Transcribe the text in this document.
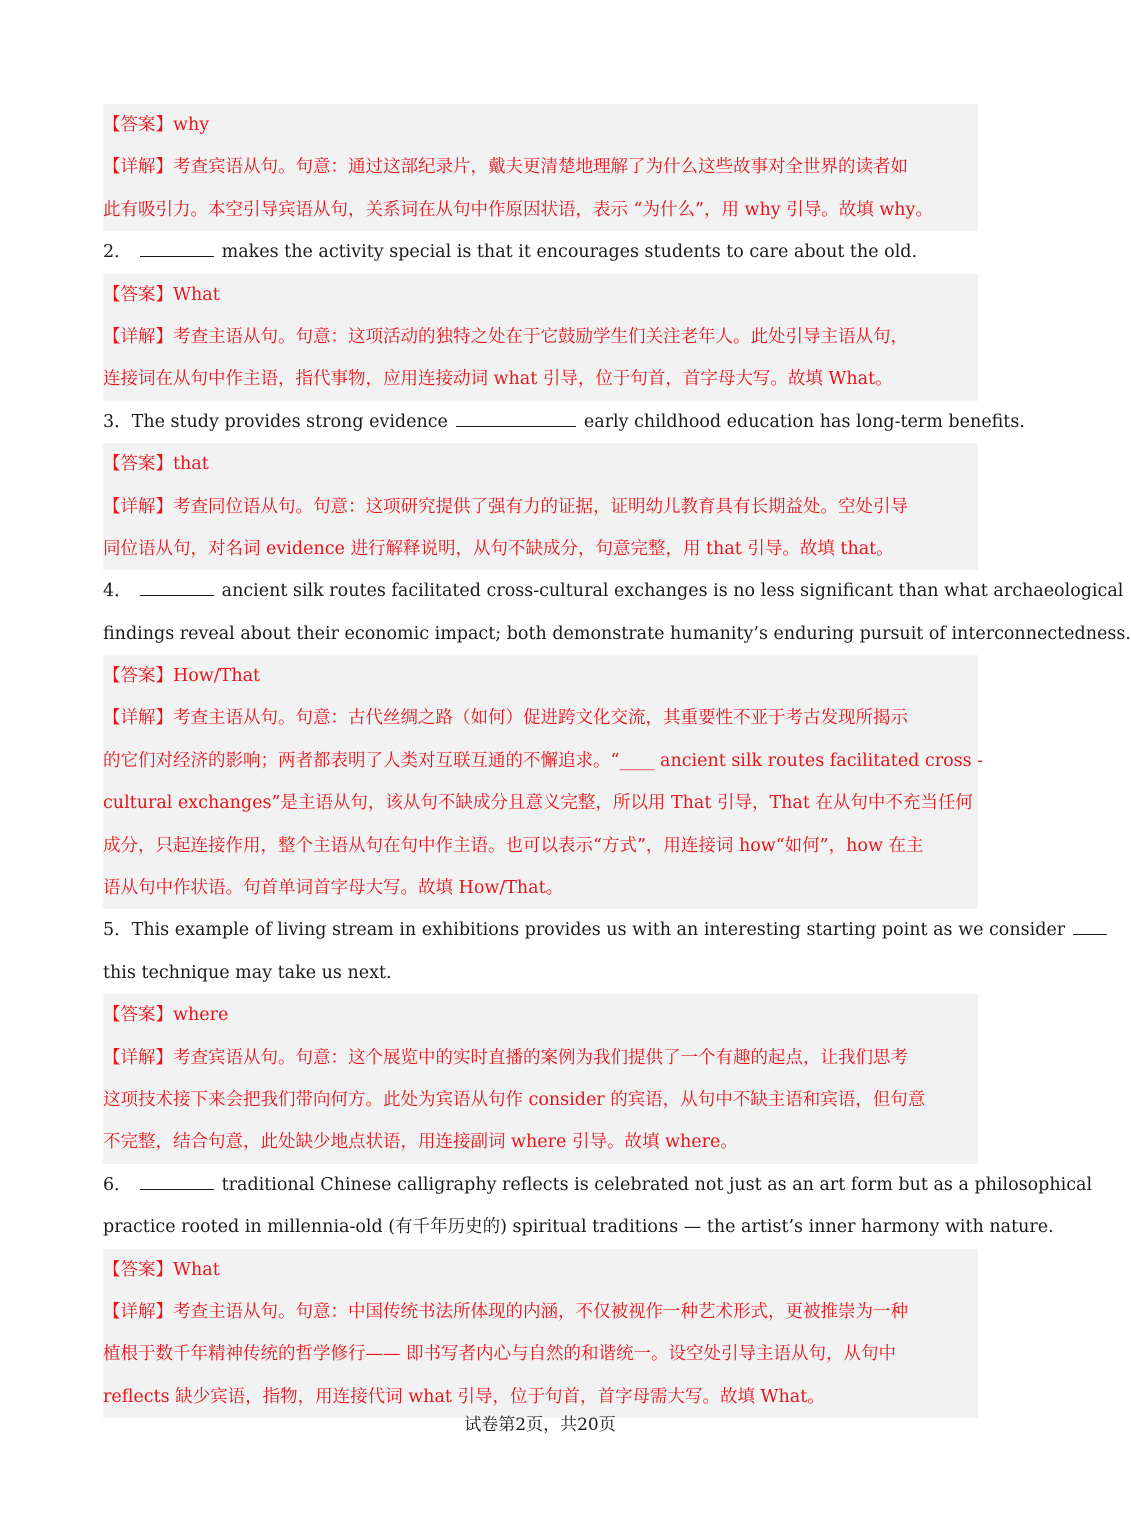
【答案】why
【详解】考查宾语从句。句意：通过这部纪录片，戴夫更清楚地理解了为什么这些故事对全世界的读者如
此有吸引力。本空引导宾语从句，关系词在从句中作原因状语，表示 “为什么”，用 why 引导。故填 why。
2．	makes the activity special is that it encourages students to care about the old.
【答案】What
【详解】考查主语从句。句意：这项活动的独特之处在于它鼓励学生们关注老年人。此处引导主语从句，
连接词在从句中作主语，指代事物，应用连接动词 what 引导，位于句首，首字母大写。故填 What。
3．The study provides strong evidence	early childhood education has long-term benefits.
【答案】that
【详解】考查同位语从句。句意：这项研究提供了强有力的证据，证明幼儿教育具有长期益处。空处引导
同位语从句，对名词 evidence 进行解释说明，从句不缺成分，句意完整，用 that 引导。故填 that。
4．	ancient silk routes facilitated cross-cultural exchanges is no less significant than what archaeological
findings reveal about their economic impact; both demonstrate humanity’s enduring pursuit of interconnectedness.
【答案】How/That
【详解】考查主语从句。句意：古代丝绸之路（如何）促进跨文化交流，其重要性不亚于考古发现所揭示
的它们对经济的影响；两者都表明了人类对互联互通的不懈追求。“____ ancient silk routes facilitated cross -
cultural exchanges”是主语从句，该从句不缺成分且意义完整，所以用 That 引导，That 在从句中不充当任何
成分，只起连接作用，整个主语从句在句中作主语。也可以表示“方式”，用连接词 how“如何”，how 在主
语从句中作状语。句首单词首字母大写。故填 How/That。
5．This example of living stream in exhibitions provides us with an interesting starting point as we consider
this technique may take us next.
【答案】where
【详解】考查宾语从句。句意：这个展览中的实时直播的案例为我们提供了一个有趣的起点，让我们思考
这项技术接下来会把我们带向何方。此处为宾语从句作 consider 的宾语，从句中不缺主语和宾语，但句意
不完整，结合句意，此处缺少地点状语，用连接副词 where 引导。故填 where。
6．	traditional Chinese calligraphy reflects is celebrated not just as an art form but as a philosophical
practice rooted in millennia-old (有千年历史的) spiritual traditions — the artist’s inner harmony with nature.
【答案】What
【详解】考查主语从句。句意：中国传统书法所体现的内涵，不仅被视作一种艺术形式，更被推崇为一种
植根于数千年精神传统的哲学修行—— 即书写者内心与自然的和谐统一。设空处引导主语从句，从句中
reflects 缺少宾语，指物，用连接代词 what 引导，位于句首，首字母需大写。故填 What。
试卷第2页，共20页
